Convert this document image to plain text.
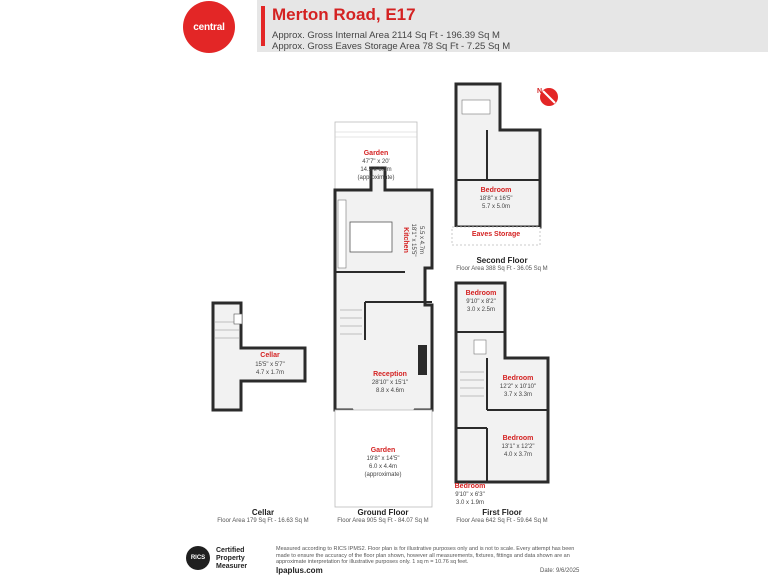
central
Merton Road, E17
Approx. Gross Internal Area 2114 Sq Ft - 196.39 Sq M
Approx. Gross Eaves Storage Area 78 Sq Ft - 7.25 Sq M
N
Cellar
15'5" x 5'7"
4.7 x 1.7m
Garden
47'7" x 20'
14.5 x 6.1m
(approximate)
Kitchen 18'1" x 15'5" 5.5 x 4.7m
Reception
28'10" x 15'1"
8.8 x 4.6m
Garden
19'8" x 14'5"
6.0 x 4.4m
(approximate)
Bedroom
18'8" x 16'5"
5.7 x 5.0m
Eaves Storage
Bedroom
9'10" x 8'2"
3.0 x 2.5m
Bedroom
12'2" x 10'10"
3.7 x 3.3m
Bedroom
13'1" x 12'2"
4.0 x 3.7m
Bedroom
9'10" x 6'3"
3.0 x 1.9m
Cellar
Floor Area 179 Sq Ft - 16.63 Sq M
Ground Floor
Floor Area 905 Sq Ft - 84.07 Sq M
First Floor
Floor Area 642 Sq Ft - 59.64 Sq M
Second Floor
Floor Area 388 Sq Ft - 36.05 Sq M
RICS
Certified Property Measurer
Measured according to RICS IPMS2. Floor plan is for illustrative purposes only and is not to scale. Every attempt has been made to ensure the accuracy of the floor plan shown, however all measurements, fixtures, fittings and data shown are an approximate interpretation for illustrative purposes only. 1 sq m = 10.76 sq feet.
lpaplus.com	Date: 9/6/2025
